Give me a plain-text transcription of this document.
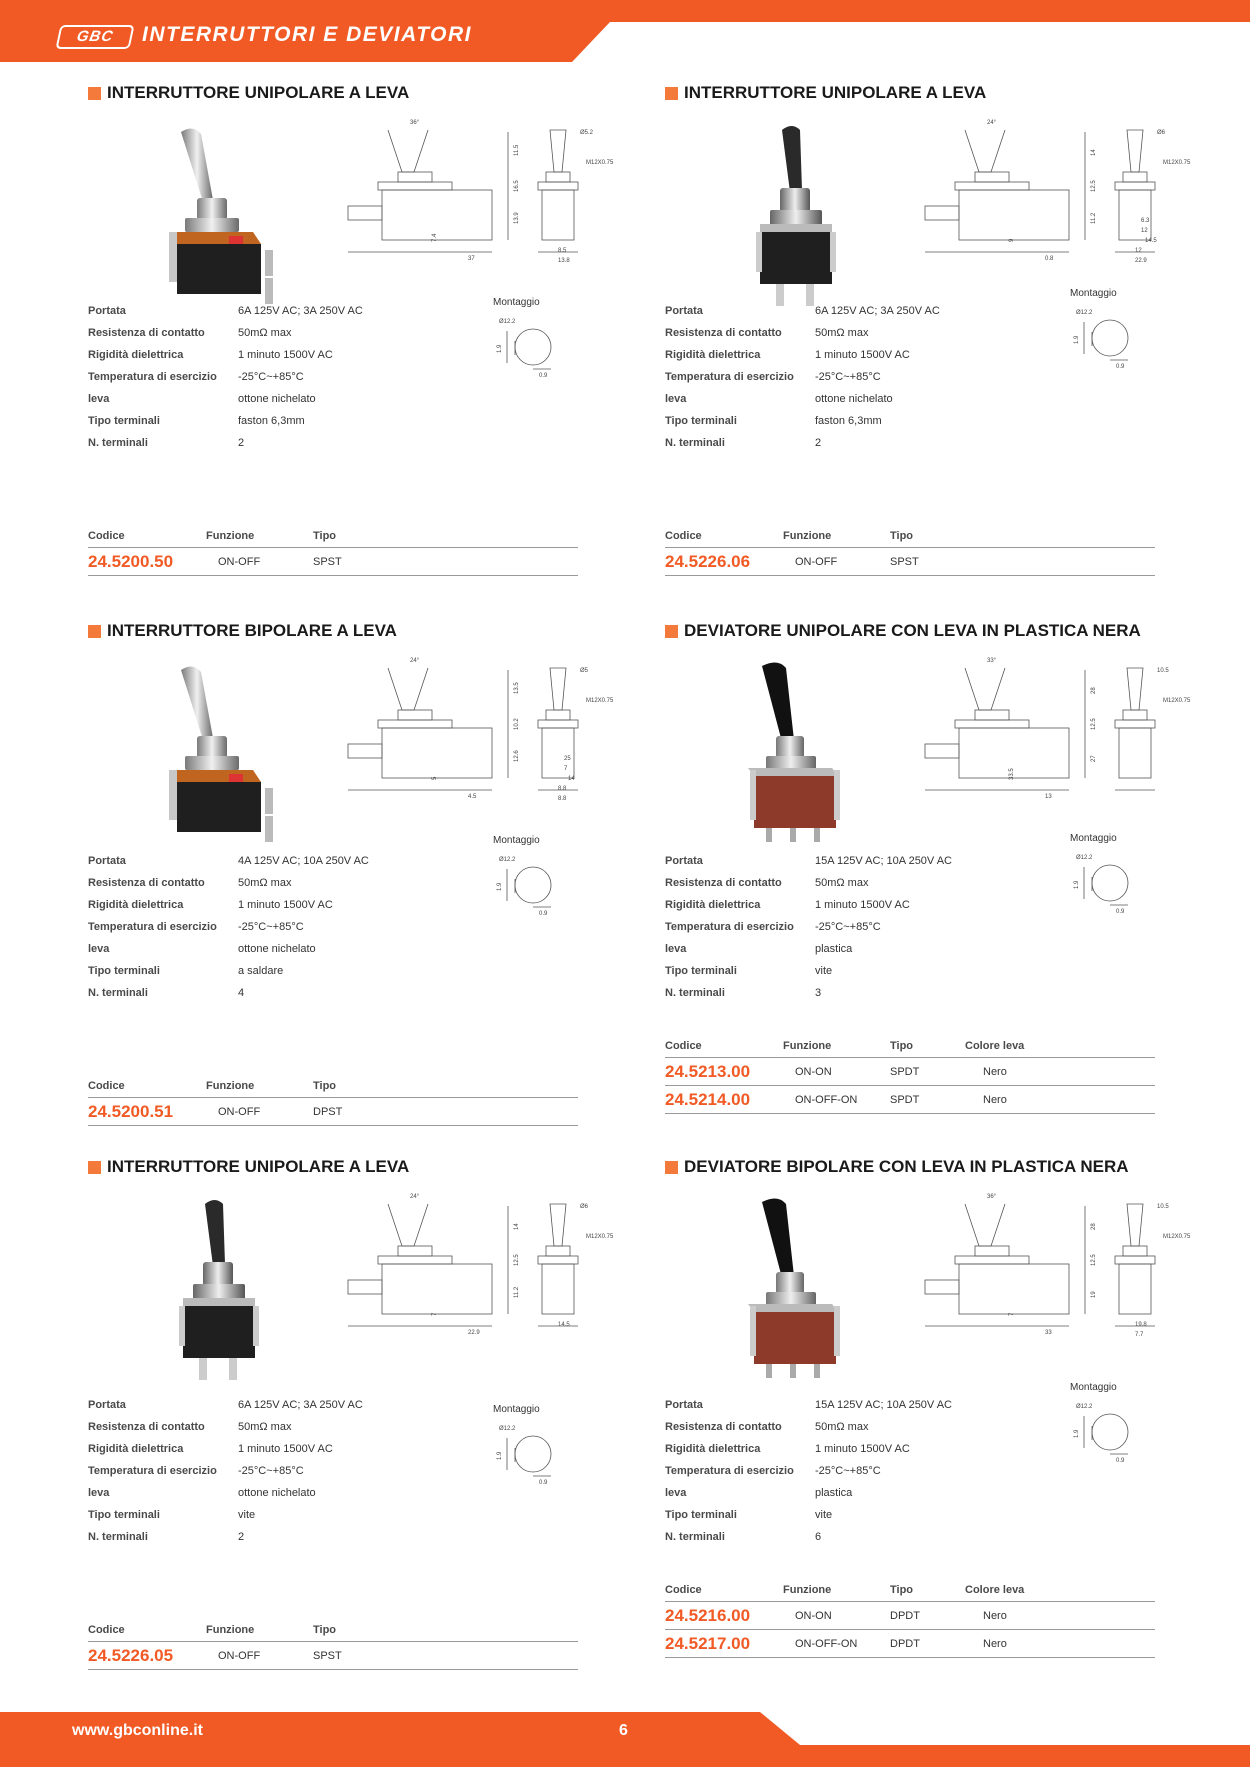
GBC	INTERRUTTORI E DEVIATORI
INTERRUTTORE UNIPOLARE A LEVA
36°
Ø5.2
M12X0.75
11.5
16.5
13.9
7.4
37
8.5
13.8
Montaggio
Ø12.2
1.9
0.9
Portata	6A 125V AC; 3A 250V AC
Resistenza di contatto	50mΩ max
Rigidità dielettrica	1 minuto 1500V AC
Temperatura di esercizio	-25°C~+85°C
leva	ottone nichelato
Tipo terminali	faston 6,3mm
N. terminali	2
Codice	Funzione	Tipo
24.5200.50	ON-OFF	SPST
INTERRUTTORE UNIPOLARE A LEVA
24°
Ø6
M12X0.75
14
12.5
11.2
9
0.8
12
22.9
6.3
12
14.5
Montaggio
Ø12.2
1.9
0.9
Portata	6A 125V AC; 3A 250V AC
Resistenza di contatto	50mΩ max
Rigidità dielettrica	1 minuto 1500V AC
Temperatura di esercizio	-25°C~+85°C
leva	ottone nichelato
Tipo terminali	faston 6,3mm
N. terminali	2
Codice	Funzione	Tipo
24.5226.06	ON-OFF	SPST
INTERRUTTORE BIPOLARE A LEVA
24°
Ø5
M12X0.75
13.5
10.2
12.6
5
4.5
8.8
8.8
25
7
14
Montaggio
Ø12.2
1.9
0.9
Portata	4A 125V AC; 10A 250V AC
Resistenza di contatto	50mΩ max
Rigidità dielettrica	1 minuto 1500V AC
Temperatura di esercizio	-25°C~+85°C
leva	ottone nichelato
Tipo terminali	a saldare
N. terminali	4
Codice	Funzione	Tipo
24.5200.51	ON-OFF	DPST
DEVIATORE UNIPOLARE CON LEVA IN PLASTICA NERA
33°
10.5
M12X0.75
28
12.5
27
33.5
13
Montaggio
Ø12.2
1.9
0.9
Portata	15A 125V AC; 10A 250V AC
Resistenza di contatto	50mΩ max
Rigidità dielettrica	1 minuto 1500V AC
Temperatura di esercizio	-25°C~+85°C
leva	plastica
Tipo terminali	vite
N. terminali	3
Codice	Funzione	Tipo	Colore leva
24.5213.00	ON-ON	SPDT	Nero
24.5214.00	ON-OFF-ON	SPDT	Nero
INTERRUTTORE UNIPOLARE A LEVA
24°
Ø6
M12X0.75
14
12.5
11.2
7
22.9
14.5
Montaggio
Ø12.2
1.9
0.9
Portata	6A 125V AC; 3A 250V AC
Resistenza di contatto	50mΩ max
Rigidità dielettrica	1 minuto 1500V AC
Temperatura di esercizio	-25°C~+85°C
leva	ottone nichelato
Tipo terminali	vite
N. terminali	2
Codice	Funzione	Tipo
24.5226.05	ON-OFF	SPST
DEVIATORE BIPOLARE CON LEVA IN PLASTICA NERA
36°
10.5
M12X0.75
28
12.5
19
7
33
19.8
7.7
Montaggio
Ø12.2
1.9
0.9
Portata	15A 125V AC; 10A 250V AC
Resistenza di contatto	50mΩ max
Rigidità dielettrica	1 minuto 1500V AC
Temperatura di esercizio	-25°C~+85°C
leva	plastica
Tipo terminali	vite
N. terminali	6
Codice	Funzione	Tipo	Colore leva
24.5216.00	ON-ON	DPDT	Nero
24.5217.00	ON-OFF-ON	DPDT	Nero
www.gbconline.it	6
